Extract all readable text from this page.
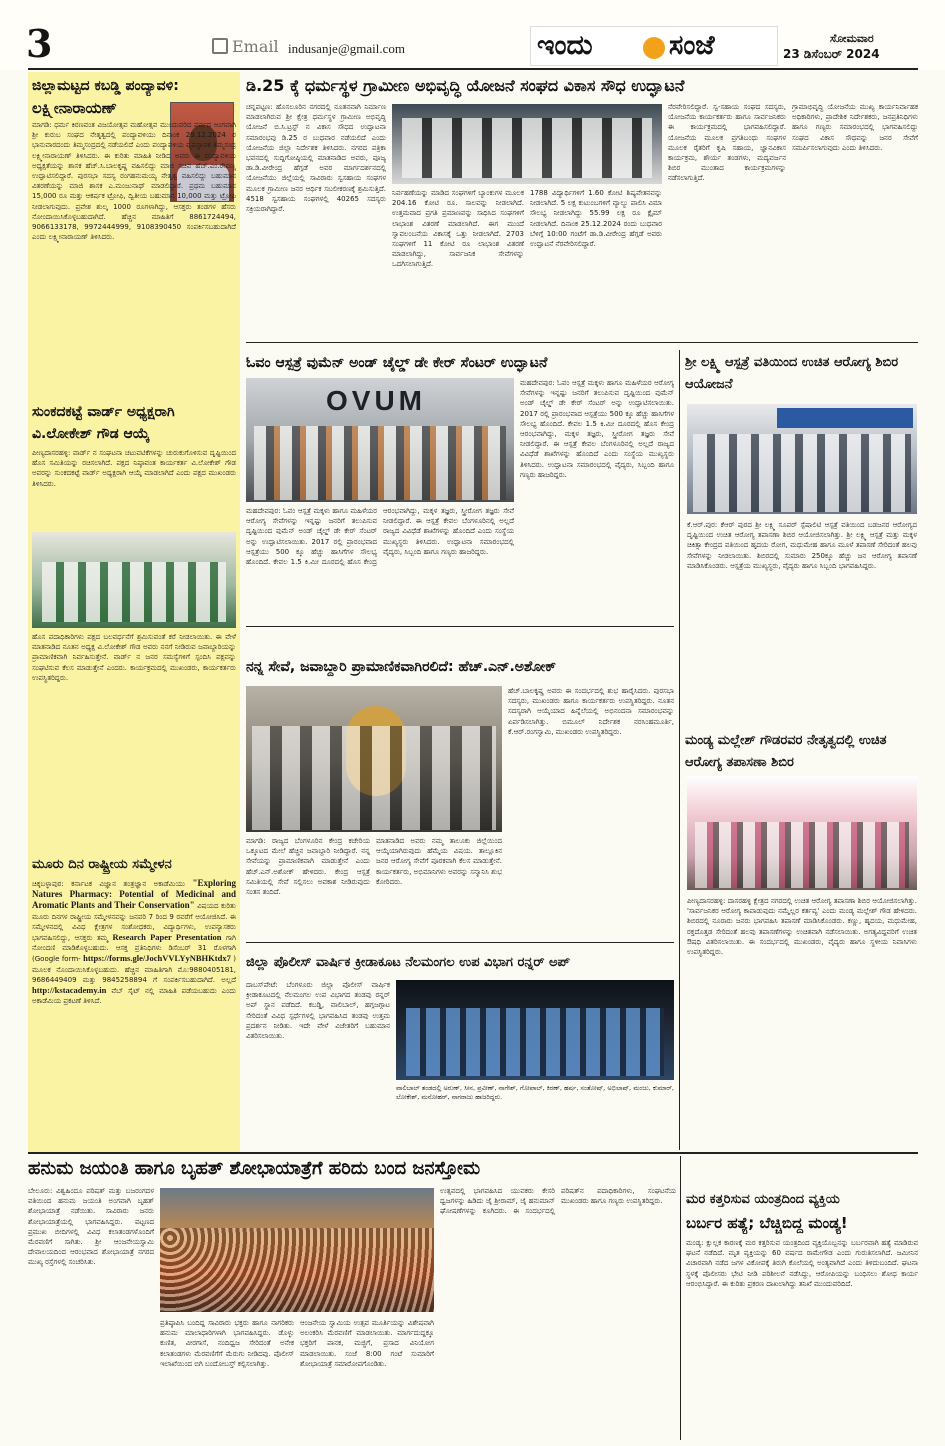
3	Email indusanje@gmail.com	ಇಂದು	ಸಂಜೆ	ಸೋಮವಾರ
23 ಡಿಸೆಂಬರ್ 2024
ಜಿಲ್ಲಾಮಟ್ಟದ ಕಬಡ್ಡಿ ಪಂದ್ಯಾವಳಿ:
ಲಕ್ಷ್ಮೀನಾರಾಯಣ್
ಮಾಗಡಿ: ಧರ್ಮ ಕಿರಣವಂತ ವಿಜಯೋತ್ಸವ ಮಹೋತ್ಸವ ಮುಂದುವರಿದ ಪರ್ವದ ಅಂಗವಾಗಿ ಶ್ರೀ ಕುರುಬ ಸಂಘದ ನೇತೃತ್ವದಲ್ಲಿ ಪಂದ್ಯಾವಳಿಯು ದಿನಾಂಕ 29.12.2024 ರ ಭಾನುವಾರದಂದು ತಿಮ್ಮಸಂದ್ರದಲ್ಲಿ ನಡೆಯಲಿದೆ ಎಂದು ಪಂದ್ಯಾವಳಿಯ ವ್ಯವಸ್ಥಾಪಕ ತಿಮ್ಮಸಂದ್ರ ಲಕ್ಷ್ಮೀನಾರಾಯಣ್ ತಿಳಿಸಿದರು. ಈ ಕುರಿತು ಮಾಹಿತಿ ನೀಡಿದ ಅವರು ಈ ಪಂದ್ಯಾವಳಿಯ ಅಧ್ಯಕ್ಷತೆಯನ್ನು ಶಾಸಕ ಹೆಚ್.ಸಿ.ಬಾಲಕೃಷ್ಣ ವಹಿಸಲಿದ್ದು ಮಾಜಿ ಸಚಿವ ಹೆಚ್.ಎಂ.ರೇವಣ್ಣ ಉದ್ಘಾಟಿಸಲಿದ್ದಾರೆ. ಪುರಸಭಾ ಸದಸ್ಯ ರಂಗಹನುಮಯ್ಯ ನೇತೃತ್ವ ವಹಿಸಲಿದ್ದು ಬಹುಮಾನ ವಿತರಣೆಯನ್ನು ಮಾಜಿ ಶಾಸಕ ಎ.ಮಂಜುನಾಥ್ ಮಾಡಲಿದ್ದಾರೆ. ಪ್ರಥಮ ಬಹುಮಾನ 15,000 ರೂ ಮತ್ತು ಆಕರ್ಷಕ ಟ್ರೋಫಿ, ದ್ವಿತೀಯ ಬಹುಮಾನ 10,000 ಮತ್ತು ಟ್ರೋಫಿ ನೀಡಲಾಗುವುದು. ಪ್ರವೇಶ ಶುಲ್ಕ 1000 ರೂಗಳಾಗಿದ್ದು, ಆಸಕ್ತರು ತಂಡಗಳ ಹೆಸರು ನೋಂದಾಯಿಸಿಕೊಳ್ಳಬಹುದಾಗಿದೆ. ಹೆಚ್ಚಿನ ಮಾಹಿತಿಗೆ 8861724494, 9066133178, 9972444999, 9108390450 ಸಂಪರ್ಕಿಸಬಹುದಾಗಿದೆ ಎಂದು ಲಕ್ಷ್ಮೀನಾರಾಯಣ್ ತಿಳಿಸಿದರು.
ಸುಂಕದಕಟ್ಟೆ ವಾರ್ಡ್ ಅಧ್ಯಕ್ಷರಾಗಿ
ವಿ.ಲೋಕೇಶ್ ಗೌಡ ಆಯ್ಕೆ
ಪೀಣ್ಯದಾಸರಹಳ್ಳಿ: ವಾರ್ಡ್ ನ ಸಂಘಟನಾ ಚಟುವಟಿಕೆಗಳನ್ನು ಚುರುಕುಗೊಳಿಸುವ ದೃಷ್ಟಿಯಿಂದ ಹೊಸ ಸಮಿತಿಯನ್ನು ರಚಿಸಲಾಗಿದೆ. ಪಕ್ಷದ ನಿಷ್ಠಾವಂತ ಕಾರ್ಯಕರ್ತ ವಿ.ಲೋಕೇಶ್ ಗೌಡ ಅವರನ್ನು ಸುಂಕದಕಟ್ಟೆ ವಾರ್ಡ್ ಅಧ್ಯಕ್ಷರಾಗಿ ಆಯ್ಕೆ ಮಾಡಲಾಗಿದೆ ಎಂದು ಪಕ್ಷದ ಮುಖಂಡರು ತಿಳಿಸಿದರು.
ಹೊಸ ಪದಾಧಿಕಾರಿಗಳು ಪಕ್ಷದ ಬಲವರ್ಧನೆಗೆ ಶ್ರಮಿಸುವಂತೆ ಕರೆ ನೀಡಲಾಯಿತು. ಈ ವೇಳೆ ಮಾತನಾಡಿದ ನೂತನ ಅಧ್ಯಕ್ಷ ವಿ.ಲೋಕೇಶ್ ಗೌಡ ಅವರು ನನಗೆ ನೀಡಿರುವ ಜವಾಬ್ದಾರಿಯನ್ನು ಪ್ರಾಮಾಣಿಕವಾಗಿ ನಿರ್ವಹಿಸುತ್ತೇನೆ. ವಾರ್ಡ್ ನ ಜನರ ಸಮಸ್ಯೆಗಳಿಗೆ ಸ್ಪಂದಿಸಿ ಪಕ್ಷವನ್ನು ಸಂಘಟಿಸುವ ಕೆಲಸ ಮಾಡುತ್ತೇನೆ ಎಂದರು. ಕಾರ್ಯಕ್ರಮದಲ್ಲಿ ಮುಖಂಡರು, ಕಾರ್ಯಕರ್ತರು ಉಪಸ್ಥಿತರಿದ್ದರು.
ಮೂರು ದಿನ ರಾಷ್ಟ್ರೀಯ ಸಮ್ಮೇಳನ
ಚಿಕ್ಕಬಳ್ಳಾಪುರ: ಕರ್ನಾಟಕ ವಿಜ್ಞಾನ ತಂತ್ರಜ್ಞಾನ ಅಕಾಡೆಮಿಯು "Exploring Natures Pharmacy: Potential of Medicinal and Aromatic Plants and Their Conservation" ವಿಷಯದ ಕುರಿತು ಮೂರು ದಿನಗಳ ರಾಷ್ಟ್ರೀಯ ಸಮ್ಮೇಳನವನ್ನು ಜನವರಿ 7 ರಿಂದ 9 ರವರೆಗೆ ಆಯೋಜಿಸಿದೆ. ಈ ಸಮ್ಮೇಳನದಲ್ಲಿ ವಿವಿಧ ಕ್ಷೇತ್ರಗಳ ಸಂಶೋಧಕರು, ವಿದ್ಯಾರ್ಥಿಗಳು, ಉಪನ್ಯಾಸಕರು ಭಾಗವಹಿಸಲಿದ್ದು, ಆಸಕ್ತರು ತಮ್ಮ Research Paper Presentation ಗಾಗಿ ನೋಂದಣಿ ಮಾಡಿಕೊಳ್ಳಬಹುದು. ಆಸಕ್ತ ಪ್ರತಿನಿಧಿಗಳು ಡಿಸೆಂಬರ್ 31 ರೊಳಗಾಗಿ (Google form- https://forms.gle/JochVVLYyNBHKtdx7 ) ಮೂಲಕ ನೊಂದಾಯಿಸಿಕೊಳ್ಳಬಹುದು. ಹೆಚ್ಚಿನ ಮಾಹಿತಿಗಾಗಿ ಮೊ:9880405181, 9686449409 ಮತ್ತು 9845258894 ಗೆ ಸಂಪರ್ಕಿಸಬಹುದಾಗಿದೆ. ಅಲ್ಲದೆ http://kstacademy.in ವೆಬ್ ಸೈಟ್ ನಲ್ಲಿ ಮಾಹಿತಿ ಪಡೆಯಬಹುದು ಎಂದು ಅಕಾಡೆಮಿಯ ಪ್ರಕಟಣೆ ತಿಳಿಸಿದೆ.
ಡಿ.25 ಕ್ಕೆ ಧರ್ಮಸ್ಥಳ ಗ್ರಾಮೀಣ ಅಭಿವೃದ್ಧಿ ಯೋಜನೆ ಸಂಘದ ವಿಕಾಸ ಸೌಧ ಉದ್ಘಾಟನೆ
ಚನ್ನಪಟ್ಟಣ: ಹೊಸಲೂರಿನ ನಗರದಲ್ಲಿ ನೂತನವಾಗಿ ನಿರ್ಮಾಣ ಮಾಡಲಾಗಿರುವ ಶ್ರೀ ಕ್ಷೇತ್ರ ಧರ್ಮಸ್ಥಳ ಗ್ರಾಮೀಣ ಅಭಿವೃದ್ಧಿ ಯೋಜನೆ ಬಿ.ಸಿ.ಟ್ರಸ್ಟ್ ನ ವಿಕಾಸ ಸೌಧದ ಉದ್ಘಾಟನಾ ಸಮಾರಂಭವು ಡಿ.25 ರ ಬುಧವಾರ ನಡೆಯಲಿದೆ ಎಂದು ಯೋಜನೆಯ ಜಿಲ್ಲಾ ನಿರ್ದೇಶಕ ತಿಳಿಸಿದರು. ನಗರದ ಪತ್ರಿಕಾ ಭವನದಲ್ಲಿ ಸುದ್ದಿಗೋಷ್ಠಿಯಲ್ಲಿ ಮಾತನಾಡಿದ ಅವರು, ಪೂಜ್ಯ ಡಾ.ಡಿ.ವೀರೇಂದ್ರ ಹೆಗ್ಗಡೆ ಅವರ ಮಾರ್ಗದರ್ಶನದಲ್ಲಿ ಯೋಜನೆಯು ಜಿಲ್ಲೆಯಲ್ಲಿ ಸಾವಿರಾರು ಸ್ವಸಹಾಯ ಸಂಘಗಳ ಮೂಲಕ ಗ್ರಾಮೀಣ ಜನರ ಆರ್ಥಿಕ ಸಬಲೀಕರಣಕ್ಕೆ ಶ್ರಮಿಸುತ್ತಿದೆ. 4518 ಸ್ವಸಹಾಯ ಸಂಘಗಳಲ್ಲಿ 40265 ಸದಸ್ಯರು ಸಕ್ರಿಯರಾಗಿದ್ದಾರೆ.
ನಿರ್ವಹಣೆಯನ್ನು ಮಾಡಿದ ಸಂಘಗಳಿಗೆ ಬ್ಯಾಂಕುಗಳ ಮೂಲಕ 204.16 ಕೋಟಿ ರೂ. ಸಾಲವನ್ನು ನೀಡಲಾಗಿದೆ. ಉತ್ತಮವಾದ ಪ್ರಗತಿ ಪ್ರಮಾಣವನ್ನು ಸಾಧಿಸಿದ ಸಂಘಗಳಿಗೆ ಲಾಭಾಂಶ ವಿತರಣೆ ಮಾಡಲಾಗಿದೆ. ಈಗ ಮುಂದೆ ಸ್ವಾವಲಂಬನೆಯ ವಿಕಾಸಕ್ಕೆ ಒತ್ತು ನೀಡಲಾಗಿದೆ. 2703 ಸಂಘಗಳಿಗೆ 11 ಕೋಟಿ ರೂ ಲಾಭಾಂಶ ವಿತರಣೆ ಮಾಡಲಾಗಿದ್ದು, ಸಾರ್ವಜನಿಕ ಸೇವೆಗಳನ್ನು ಒದಗಿಸಲಾಗುತ್ತಿದೆ.
1788 ವಿದ್ಯಾರ್ಥಿಗಳಿಗೆ 1.60 ಕೋಟಿ ಶಿಷ್ಯವೇತನವನ್ನು ನೀಡಲಾಗಿದೆ. 5 ಲಕ್ಷ ಕುಟುಂಬಗಳಿಗೆ ವ್ಯಾಲ್ಯು ಪಾಲಿಸಿ ವಿಮಾ ಸೌಲಭ್ಯ ನೀಡಲಾಗಿದ್ದು 55.99 ಲಕ್ಷ ರೂ ಕ್ಲೈಮ್ ನೀಡಲಾಗಿದೆ. ದಿನಾಂಕ 25.12.2024 ರಂದು ಬುಧವಾರ ಬೆಳಿಗ್ಗೆ 10:00 ಗಂಟೆಗೆ ಡಾ.ಡಿ.ವೀರೇಂದ್ರ ಹೆಗ್ಗಡೆ ಅವರು ಉದ್ಘಾಟನೆ ನೆರವೇರಿಸಲಿದ್ದಾರೆ.
ನೆರವೇರಿಸಲಿದ್ದಾರೆ. ಸ್ವ-ಸಹಾಯ ಸಂಘದ ಸದಸ್ಯರು, ಯೋಜನೆಯ ಕಾರ್ಯಕರ್ತರು ಹಾಗೂ ಸಾರ್ವಜನಿಕರು ಈ ಕಾರ್ಯಕ್ರಮದಲ್ಲಿ ಭಾಗವಹಿಸಲಿದ್ದಾರೆ. ಯೋಜನೆಯ ಮೂಲಕ ಪ್ರಗತಿಬಂಧು ಸಂಘಗಳ ಮೂಲಕ ರೈತರಿಗೆ ಕೃಷಿ ಸಹಾಯ, ಜ್ಞಾನವಿಕಾಸ ಕಾರ್ಯಕ್ರಮ, ಶೌರ್ಯ ತಂಡಗಳು, ಮದ್ಯವರ್ಜನ ಶಿಬಿರ ಮುಂತಾದ ಕಾರ್ಯಕ್ರಮಗಳನ್ನು ನಡೆಸಲಾಗುತ್ತಿದೆ.
ಗ್ರಾಮಾಭಿವೃದ್ಧಿ ಯೋಜನೆಯ ಮುಖ್ಯ ಕಾರ್ಯನಿರ್ವಾಹಕ ಅಧಿಕಾರಿಗಳು, ಪ್ರಾದೇಶಿಕ ನಿರ್ದೇಶಕರು, ಜನಪ್ರತಿನಿಧಿಗಳು ಹಾಗೂ ಗಣ್ಯರು ಸಮಾರಂಭದಲ್ಲಿ ಭಾಗವಹಿಸಲಿದ್ದು ಸಂಘದ ವಿಕಾಸ ಸೌಧವನ್ನು ಜನರ ಸೇವೆಗೆ ಸಮರ್ಪಿಸಲಾಗುವುದು ಎಂದು ತಿಳಿಸಿದರು.
ಓವಂ ಆಸ್ಪತ್ರೆ ವುಮೆನ್ ಅಂಡ್ ಚೈಲ್ಡ್ ಡೇ ಕೇರ್ ಸೆಂಟರ್ ಉದ್ಘಾಟನೆ
OVUM
ಮಹದೇವಪುರ: ಓವಂ ಆಸ್ಪತ್ರೆ ಮಕ್ಕಳು ಹಾಗೂ ಮಹಿಳೆಯರ ಆರೋಗ್ಯ ಸೇವೆಗಳನ್ನು ಇನ್ನಷ್ಟು ಜನರಿಗೆ ತಲುಪಿಸುವ ದೃಷ್ಟಿಯಿಂದ ವುಮೆನ್ ಅಂಡ್ ಚೈಲ್ಡ್ ಡೇ ಕೇರ್ ಸೆಂಟರ್ ಅನ್ನು ಉದ್ಘಾಟಿಸಲಾಯಿತು. 2017 ರಲ್ಲಿ ಪ್ರಾರಂಭವಾದ ಆಸ್ಪತ್ರೆಯು 500 ಕ್ಕೂ ಹೆಚ್ಚು ಹಾಸಿಗೆಗಳ ಸೌಲಭ್ಯ ಹೊಂದಿದೆ. ಕೇವಲ 1.5 ಕಿ.ಮೀ ದೂರದಲ್ಲಿ ಹೊಸ ಕೇಂದ್ರ ಆರಂಭವಾಗಿದ್ದು, ಮಕ್ಕಳ ತಜ್ಞರು, ಸ್ತ್ರೀರೋಗ ತಜ್ಞರು ಸೇವೆ ನೀಡಲಿದ್ದಾರೆ. ಈ ಆಸ್ಪತ್ರೆ ಕೇವಲ ಬೆಂಗಳೂರಿನಲ್ಲಿ ಅಲ್ಲದೆ ರಾಜ್ಯದ ವಿವಿಧೆಡೆ ಶಾಖೆಗಳನ್ನು ಹೊಂದಿದೆ ಎಂದು ಸಂಸ್ಥೆಯ ಮುಖ್ಯಸ್ಥರು ತಿಳಿಸಿದರು. ಉದ್ಘಾಟನಾ ಸಮಾರಂಭದಲ್ಲಿ ವೈದ್ಯರು, ಸಿಬ್ಬಂದಿ ಹಾಗೂ ಗಣ್ಯರು ಹಾಜರಿದ್ದರು.
ಮಹದೇವಪುರ: ಓವಂ ಆಸ್ಪತ್ರೆ ಮಕ್ಕಳು ಹಾಗೂ ಮಹಿಳೆಯರ ಆರೋಗ್ಯ ಸೇವೆಗಳನ್ನು ಇನ್ನಷ್ಟು ಜನರಿಗೆ ತಲುಪಿಸುವ ದೃಷ್ಟಿಯಿಂದ ವುಮೆನ್ ಅಂಡ್ ಚೈಲ್ಡ್ ಡೇ ಕೇರ್ ಸೆಂಟರ್ ಅನ್ನು ಉದ್ಘಾಟಿಸಲಾಯಿತು. 2017 ರಲ್ಲಿ ಪ್ರಾರಂಭವಾದ ಆಸ್ಪತ್ರೆಯು 500 ಕ್ಕೂ ಹೆಚ್ಚು ಹಾಸಿಗೆಗಳ ಸೌಲಭ್ಯ ಹೊಂದಿದೆ. ಕೇವಲ 1.5 ಕಿ.ಮೀ ದೂರದಲ್ಲಿ ಹೊಸ ಕೇಂದ್ರ ಆರಂಭವಾಗಿದ್ದು, ಮಕ್ಕಳ ತಜ್ಞರು, ಸ್ತ್ರೀರೋಗ ತಜ್ಞರು ಸೇವೆ ನೀಡಲಿದ್ದಾರೆ. ಈ ಆಸ್ಪತ್ರೆ ಕೇವಲ ಬೆಂಗಳೂರಿನಲ್ಲಿ ಅಲ್ಲದೆ ರಾಜ್ಯದ ವಿವಿಧೆಡೆ ಶಾಖೆಗಳನ್ನು ಹೊಂದಿದೆ ಎಂದು ಸಂಸ್ಥೆಯ ಮುಖ್ಯಸ್ಥರು ತಿಳಿಸಿದರು. ಉದ್ಘಾಟನಾ ಸಮಾರಂಭದಲ್ಲಿ ವೈದ್ಯರು, ಸಿಬ್ಬಂದಿ ಹಾಗೂ ಗಣ್ಯರು ಹಾಜರಿದ್ದರು.
ಶ್ರೀ ಲಕ್ಷ್ಮಿ ಆಸ್ಪತ್ರೆ ವತಿಯಿಂದ ಉಚಿತ ಆರೋಗ್ಯ ಶಿಬಿರ ಆಯೋಜನೆ
ಕೆ.ಆರ್.ಪುರ: ಕೆಆರ್ ಪುರದ ಶ್ರೀ ಲಕ್ಷ್ಮಿ ಸೂಪರ್ ಸ್ಪೆಷಾಲಿಟಿ ಆಸ್ಪತ್ರೆ ವತಿಯಿಂದ ಬಡಜನರ ಆರೋಗ್ಯದ ದೃಷ್ಟಿಯಿಂದ ಉಚಿತ ಆರೋಗ್ಯ ತಪಾಸಣಾ ಶಿಬಿರ ಆಯೋಜಿಸಲಾಗಿತ್ತು. ಶ್ರೀ ಲಕ್ಷ್ಮಿ ಆಸ್ಪತ್ರೆ ಮತ್ತು ಮಕ್ಕಳ ಚಿಕಿತ್ಸಾ ಕೇಂದ್ರದ ವತಿಯಿಂದ ಹೃದಯ ರೋಗ, ಮಧುಮೇಹ ಹಾಗೂ ಮೂಳೆ ತಪಾಸಣೆ ಸೇರಿದಂತೆ ಹಲವು ಸೇವೆಗಳನ್ನು ನೀಡಲಾಯಿತು. ಶಿಬಿರದಲ್ಲಿ ಸುಮಾರು 250ಕ್ಕೂ ಹೆಚ್ಚು ಜನ ಆರೋಗ್ಯ ತಪಾಸಣೆ ಮಾಡಿಸಿಕೊಂಡರು. ಆಸ್ಪತ್ರೆಯ ಮುಖ್ಯಸ್ಥರು, ವೈದ್ಯರು ಹಾಗೂ ಸಿಬ್ಬಂದಿ ಭಾಗವಹಿಸಿದ್ದರು.
ನನ್ನ ಸೇವೆ, ಜವಾಬ್ದಾರಿ ಪ್ರಾಮಾಣಿಕವಾಗಿರಲಿದೆ: ಹೆಚ್.ಎನ್.ಅಶೋಕ್
ಹೆಚ್.ಬಾಲಕೃಷ್ಣ ಅವರು ಈ ಸಂದರ್ಭದಲ್ಲಿ ಶುಭ ಹಾರೈಸಿದರು. ಪುರಸಭಾ ಸದಸ್ಯರು, ಮುಖಂಡರು ಹಾಗೂ ಕಾರ್ಯಕರ್ತರು ಉಪಸ್ಥಿತರಿದ್ದರು. ನೂತನ ಸದಸ್ಯರಾಗಿ ಆಯ್ಕೆಯಾದ ಹಿನ್ನೆಲೆಯಲ್ಲಿ ಅಭಿನಂದನಾ ಸಮಾರಂಭವನ್ನು ಏರ್ಪಡಿಸಲಾಗಿತ್ತು. ಬಿಮೂಲ್ ನಿರ್ದೇಶಕ ನರಸಿಂಹಮೂರ್ತಿ, ಕೆ.ಆರ್.ರಂಗಸ್ವಾಮಿ, ಮುಖಂಡರು ಉಪಸ್ಥಿತರಿದ್ದರು.
ಮಾಗಡಿ: ರಾಜ್ಯದ ಬೆಂಗಳೂರಿನ ಕೇಂದ್ರ ಕಚೇರಿಯ ಒಕ್ಕೂಟದ ಮೇಲೆ ಹೆಚ್ಚಿನ ಜವಾಬ್ದಾರಿ ನೀಡಿದ್ದಾರೆ. ನನ್ನ ಸೇವೆಯನ್ನು ಪ್ರಾಮಾಣಿಕವಾಗಿ ಮಾಡುತ್ತೇನೆ ಎಂದು ಹೆಚ್.ಎನ್.ಅಶೋಕ್ ಹೇಳಿದರು. ಕೇಂದ್ರ ಆಸ್ಪತ್ರೆ ಸಮಿತಿಯಲ್ಲಿ ಸೇವೆ ಸಲ್ಲಿಸಲು ಅವಕಾಶ ನೀಡಿರುವುದು ಸಂತಸ ತಂದಿದೆ.
ಮಾತನಾಡಿದ ಅವರು ನಮ್ಮ ತಾಲೂಕು ಜಿಲ್ಲೆಯಿಂದ ಆಯ್ಕೆಯಾಗಿರುವುದು ಹೆಮ್ಮೆಯ ವಿಷಯ. ತಾಲ್ಲೂಕಿನ ಜನರ ಆರೋಗ್ಯ ಸೇವೆಗೆ ಪೂರಕವಾಗಿ ಕೆಲಸ ಮಾಡುತ್ತೇನೆ. ಕಾರ್ಯಕರ್ತರು, ಅಭಿಮಾನಿಗಳು ಅವರನ್ನು ಸನ್ಮಾನಿಸಿ ಶುಭ ಕೋರಿದರು.
ಮಂಡ್ಯ ಮಲ್ಲೇಶ್ ಗೌಡರವರ ನೇತೃತ್ವದಲ್ಲಿ ಉಚಿತ ಆರೋಗ್ಯ ತಪಾಸಣಾ ಶಿಬಿರ
ಪೀಣ್ಯದಾಸರಹಳ್ಳಿ: ದಾಸರಹಳ್ಳಿ ಕ್ಷೇತ್ರದ ನಗರದಲ್ಲಿ ಉಚಿತ ಆರೋಗ್ಯ ತಪಾಸಣಾ ಶಿಬಿರ ಆಯೋಜಿಸಲಾಗಿತ್ತು. 'ಸಾರ್ವಜನಿಕರ ಆರೋಗ್ಯ ಕಾಪಾಡುವುದು ನಮ್ಮೆಲ್ಲರ ಕರ್ತವ್ಯ' ಎಂದು ಮಂಡ್ಯ ಮಲ್ಲೇಶ್ ಗೌಡ ಹೇಳಿದರು. ಶಿಬಿರದಲ್ಲಿ ನೂರಾರು ಜನರು ಭಾಗವಹಿಸಿ ತಪಾಸಣೆ ಮಾಡಿಸಿಕೊಂಡರು. ಕಣ್ಣು, ಹೃದಯ, ಮಧುಮೇಹ, ರಕ್ತದೊತ್ತಡ ಸೇರಿದಂತೆ ಹಲವು ತಪಾಸಣೆಗಳನ್ನು ಉಚಿತವಾಗಿ ನಡೆಸಲಾಯಿತು. ಅಗತ್ಯವಿದ್ದವರಿಗೆ ಉಚಿತ ಔಷಧಿ ವಿತರಿಸಲಾಯಿತು. ಈ ಸಂದರ್ಭದಲ್ಲಿ ಮುಖಂಡರು, ವೈದ್ಯರು ಹಾಗೂ ಸ್ಥಳೀಯ ನಿವಾಸಿಗಳು ಉಪಸ್ಥಿತರಿದ್ದರು.
ಜಿಲ್ಲಾ ಪೊಲೀಸ್ ವಾರ್ಷಿಕ ಕ್ರೀಡಾಕೂಟ ನೆಲಮಂಗಲ ಉಪ ವಿಭಾಗ ರನ್ನರ್ ಅಪ್
ದಾಬಸ್‌ಪೇಟೆ: ಬೆಂಗಳೂರು ಜಿಲ್ಲಾ ಪೊಲೀಸ್ ವಾರ್ಷಿಕ ಕ್ರೀಡಾಕೂಟದಲ್ಲಿ ನೆಲಮಂಗಲ ಉಪ ವಿಭಾಗದ ತಂಡವು ರನ್ನರ್ ಅಪ್ ಸ್ಥಾನ ಪಡೆದಿದೆ. ಕಬಡ್ಡಿ, ವಾಲಿಬಾಲ್, ಹಗ್ಗಜಗ್ಗಾಟ ಸೇರಿದಂತೆ ವಿವಿಧ ಸ್ಪರ್ಧೆಗಳಲ್ಲಿ ಭಾಗವಹಿಸಿದ ತಂಡವು ಉತ್ತಮ ಪ್ರದರ್ಶನ ನೀಡಿತು. ಇದೇ ವೇಳೆ ವಿಜೇತರಿಗೆ ಬಹುಮಾನ ವಿತರಿಸಲಾಯಿತು.
ವಾಲಿಬಾಲ್ ತಂಡದಲ್ಲಿ ಅರುಣ್, ಸೀನ, ಪ್ರವೀಣ್, ನಾಗೇಶ್, ಗೋಪಾಲ್, ಕಿರಣ್, ಹರ್ಷ, ಸಂತೋಷ್, ಅಭಿಲಾಷ್, ಮಂಜು, ಕುಮಾರ್, ಲೋಕೇಶ್, ಮನೋಹರ್, ನಾಗರಾಜು ಹಾಜರಿದ್ದರು.
ಹನುಮ ಜಯಂತಿ ಹಾಗೂ ಬೃಹತ್ ಶೋಭಾಯಾತ್ರೆಗೆ ಹರಿದು ಬಂದ ಜನಸ್ತೋಮ
ಬೇಲೂರು: ವಿಶ್ವಹಿಂದೂ ಪರಿಷತ್ ಮತ್ತು ಬಜರಂಗದಳ ವತಿಯಿಂದ ಹನುಮ ಜಯಂತಿ ಅಂಗವಾಗಿ ಬೃಹತ್ ಶೋಭಾಯಾತ್ರೆ ನಡೆಯಿತು. ಸಾವಿರಾರು ಜನರು ಶೋಭಾಯಾತ್ರೆಯಲ್ಲಿ ಭಾಗವಹಿಸಿದ್ದರು. ಪಟ್ಟಣದ ಪ್ರಮುಖ ಬೀದಿಗಳಲ್ಲಿ ವಿವಿಧ ಕಲಾತಂಡಗಳೊಂದಿಗೆ ಮೆರವಣಿಗೆ ಸಾಗಿತು. ಶ್ರೀ ಆಂಜನೇಯಸ್ವಾಮಿ ದೇವಾಲಯದಿಂದ ಆರಂಭವಾದ ಶೋಭಾಯಾತ್ರೆ ನಗರದ ಮುಖ್ಯ ರಸ್ತೆಗಳಲ್ಲಿ ಸಂಚರಿಸಿತು.
ಪ್ರತಿಷ್ಠಾಪಿಸಿ ಬಂದಿದ್ದ ಸಾವಿರಾರು ಭಕ್ತರು ಹಾಗೂ ನಾಗರಿಕರು ಹನುಮ ಮಾಲಾಧಾರಿಗಳಾಗಿ ಭಾಗವಹಿಸಿದ್ದರು. ಡೊಳ್ಳು ಕುಣಿತ, ವೀರಗಾಸೆ, ನಂದಿಧ್ವಜ ಸೇರಿದಂತೆ ಅನೇಕ ಕಲಾತಂಡಗಳು ಮೆರವಣಿಗೆಗೆ ಮೆರುಗು ನೀಡಿದವು. ಪೊಲೀಸ್ ಇಲಾಖೆಯಿಂದ ಬಿಗಿ ಬಂದೋಬಸ್ತ್ ಕಲ್ಪಿಸಲಾಗಿತ್ತು.
ಆಂಜನೇಯ ಸ್ವಾಮಿಯ ಉತ್ಸವ ಮೂರ್ತಿಯನ್ನು ವಿಶೇಷವಾಗಿ ಅಲಂಕರಿಸಿ ಮೆರವಣಿಗೆ ಮಾಡಲಾಯಿತು. ಮಾರ್ಗದುದ್ದಕ್ಕೂ ಭಕ್ತರಿಗೆ ಪಾನಕ, ಮಜ್ಜಿಗೆ, ಪ್ರಸಾದ ವಿನಿಯೋಗ ಮಾಡಲಾಯಿತು. ಸಂಜೆ 8:00 ಗಂಟೆ ಸುಮಾರಿಗೆ ಶೋಭಾಯಾತ್ರೆ ಸಮಾರೋಪಗೊಂಡಿತು.
ಉತ್ಸವದಲ್ಲಿ ಭಾಗವಹಿಸಿದ ಯುವಕರು ಕೇಸರಿ ಧ್ವಜಗಳನ್ನು ಹಿಡಿದು ಜೈ ಶ್ರೀರಾಮ್, ಜೈ ಹನುಮಾನ್ ಘೋಷಣೆಗಳನ್ನು ಕೂಗಿದರು. ಈ ಸಂದರ್ಭದಲ್ಲಿ ಪರಿಷತ್‌ನ ಪದಾಧಿಕಾರಿಗಳು, ಸಂಘಟನೆಯ ಮುಖಂಡರು ಹಾಗೂ ಗಣ್ಯರು ಉಪಸ್ಥಿತರಿದ್ದರು.	ಮರ ಕತ್ತರಿಸುವ ಯಂತ್ರದಿಂದ ವ್ಯಕ್ತಿಯ
ಬರ್ಬರ ಹತ್ಯೆ; ಬೆಚ್ಚಿಬಿದ್ದ ಮಂಡ್ಯ!
ಮಂಡ್ಯ: ಕ್ಷುಲ್ಲಕ ಕಾರಣಕ್ಕೆ ಮರ ಕತ್ತರಿಸುವ ಯಂತ್ರದಿಂದ ವ್ಯಕ್ತಿಯೊಬ್ಬನನ್ನು ಬರ್ಬರವಾಗಿ ಹತ್ಯೆ ಮಾಡಿರುವ ಘಟನೆ ನಡೆದಿದೆ. ಮೃತ ವ್ಯಕ್ತಿಯನ್ನು 60 ವರ್ಷದ ರಾಮೇಗೌಡ ಎಂದು ಗುರುತಿಸಲಾಗಿದೆ. ಜಮೀನಿನ ವಿಚಾರವಾಗಿ ನಡೆದ ಜಗಳ ವಿಕೋಪಕ್ಕೆ ತಿರುಗಿ ಕೊಲೆಯಲ್ಲಿ ಅಂತ್ಯವಾಗಿದೆ ಎಂದು ತಿಳಿದುಬಂದಿದೆ. ಘಟನಾ ಸ್ಥಳಕ್ಕೆ ಪೊಲೀಸರು ಭೇಟಿ ನೀಡಿ ಪರಿಶೀಲನೆ ನಡೆಸಿದ್ದು, ಆರೋಪಿಯನ್ನು ಬಂಧಿಸಲು ಶೋಧ ಕಾರ್ಯ ಆರಂಭಿಸಿದ್ದಾರೆ. ಈ ಕುರಿತು ಪ್ರಕರಣ ದಾಖಲಾಗಿದ್ದು ತನಿಖೆ ಮುಂದುವರಿದಿದೆ.
